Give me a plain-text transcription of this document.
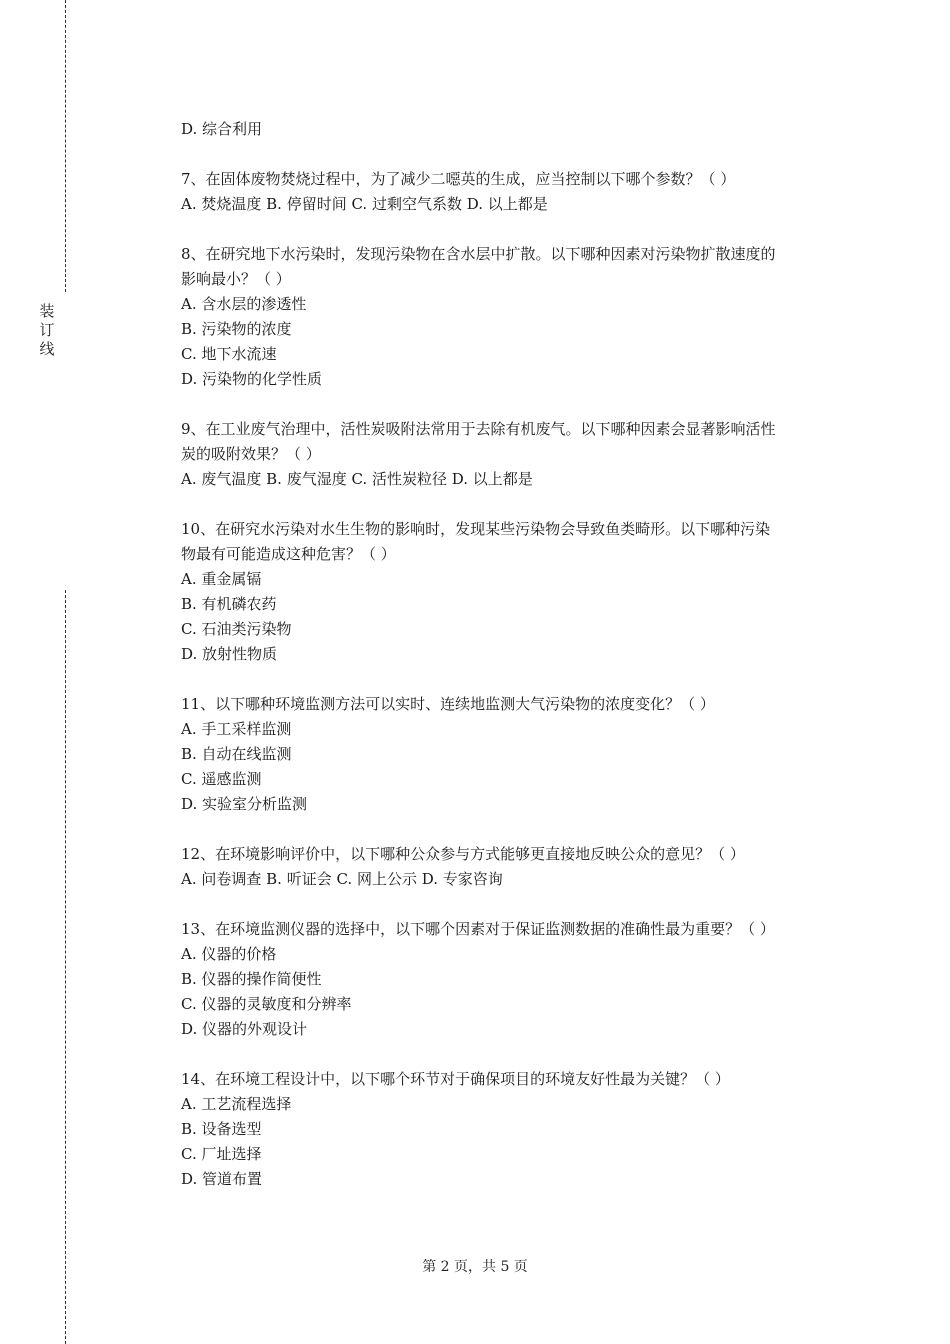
装
订
线
D. 综合利用
7、在固体废物焚烧过程中，为了减少二噁英的生成，应当控制以下哪个参数？（ ）
A. 焚烧温度 B. 停留时间 C. 过剩空气系数 D. 以上都是
8、在研究地下水污染时，发现污染物在含水层中扩散。以下哪种因素对污染物扩散速度的
影响最小？（ ）
A. 含水层的渗透性
B. 污染物的浓度
C. 地下水流速
D. 污染物的化学性质
9、在工业废气治理中，活性炭吸附法常用于去除有机废气。以下哪种因素会显著影响活性
炭的吸附效果？（ ）
A. 废气温度 B. 废气湿度 C. 活性炭粒径 D. 以上都是
10、在研究水污染对水生生物的影响时，发现某些污染物会导致鱼类畸形。以下哪种污染
物最有可能造成这种危害？（ ）
A. 重金属镉
B. 有机磷农药
C. 石油类污染物
D. 放射性物质
11、以下哪种环境监测方法可以实时、连续地监测大气污染物的浓度变化？（ ）
A. 手工采样监测
B. 自动在线监测
C. 遥感监测
D. 实验室分析监测
12、在环境影响评价中，以下哪种公众参与方式能够更直接地反映公众的意见？（ ）
A. 问卷调查 B. 听证会 C. 网上公示 D. 专家咨询
13、在环境监测仪器的选择中，以下哪个因素对于保证监测数据的准确性最为重要？（ ）
A. 仪器的价格
B. 仪器的操作简便性
C. 仪器的灵敏度和分辨率
D. 仪器的外观设计
14、在环境工程设计中，以下哪个环节对于确保项目的环境友好性最为关键？（ ）
A. 工艺流程选择
B. 设备选型
C. 厂址选择
D. 管道布置
第 2 页，共 5 页
